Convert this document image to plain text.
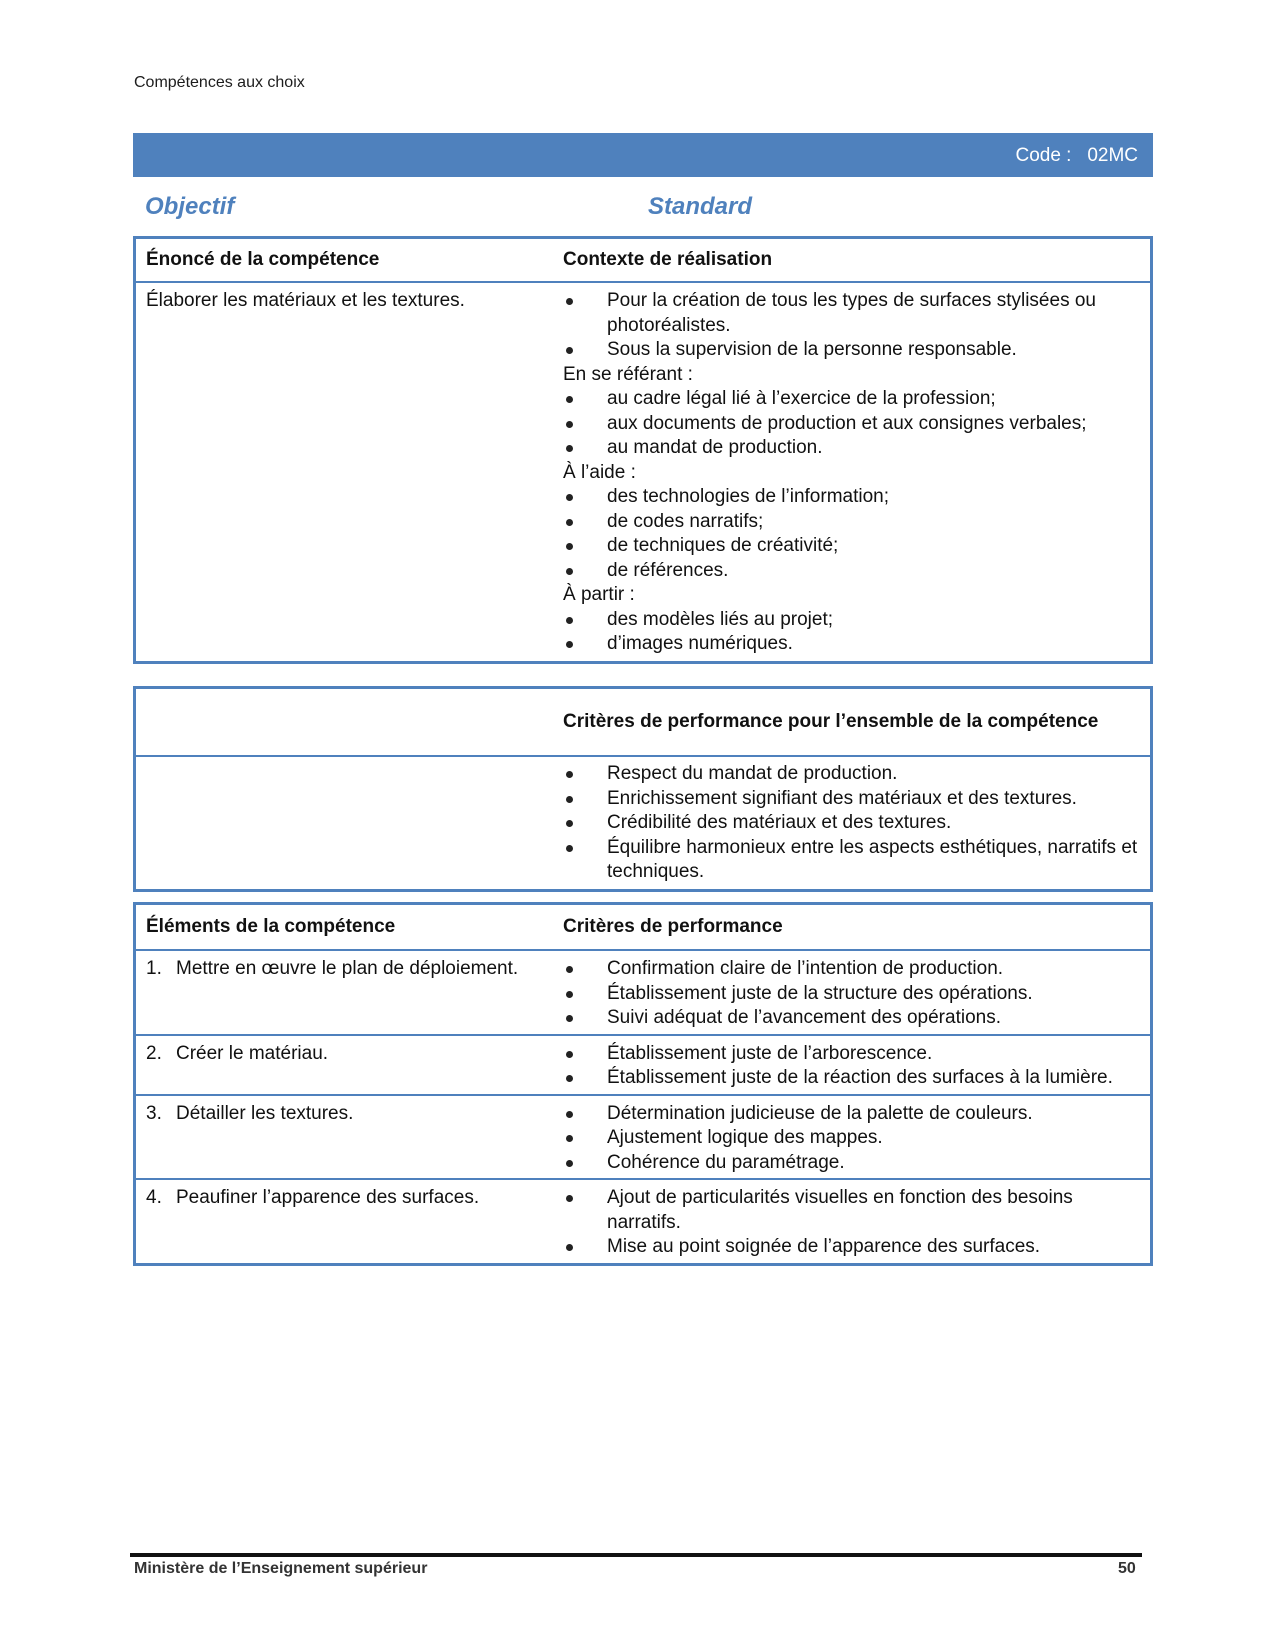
Compétences aux choix
Code : 02MC
Objectif	Standard
Énoncé de la compétence	Contexte de réalisation
Élaborer les matériaux et les textures.	Pour la création de tous les types de surfaces stylisées ou photoréalistes.
Sous la supervision de la personne responsable.
En se référant :
au cadre légal lié à l’exercice de la profession;
aux documents de production et aux consignes verbales;
au mandat de production.
À l’aide :
des technologies de l’information;
de codes narratifs;
de techniques de créativité;
de références.
À partir :
des modèles liés au projet;
d’images numériques.
Critères de performance pour l’ensemble de la compétence
Respect du mandat de production.
Enrichissement signifiant des matériaux et des textures.
Crédibilité des matériaux et des textures.
Équilibre harmonieux entre les aspects esthétiques, narratifs et techniques.
Éléments de la compétence	Critères de performance
1. Mettre en œuvre le plan de déploiement.	Confirmation claire de l’intention de production.
Établissement juste de la structure des opérations.
Suivi adéquat de l’avancement des opérations.
2. Créer le matériau.	Établissement juste de l’arborescence.
Établissement juste de la réaction des surfaces à la lumière.
3. Détailler les textures.	Détermination judicieuse de la palette de couleurs.
Ajustement logique des mappes.
Cohérence du paramétrage.
4. Peaufiner l’apparence des surfaces.	Ajout de particularités visuelles en fonction des besoins narratifs.
Mise au point soignée de l’apparence des surfaces.
Ministère de l’Enseignement supérieur	50
